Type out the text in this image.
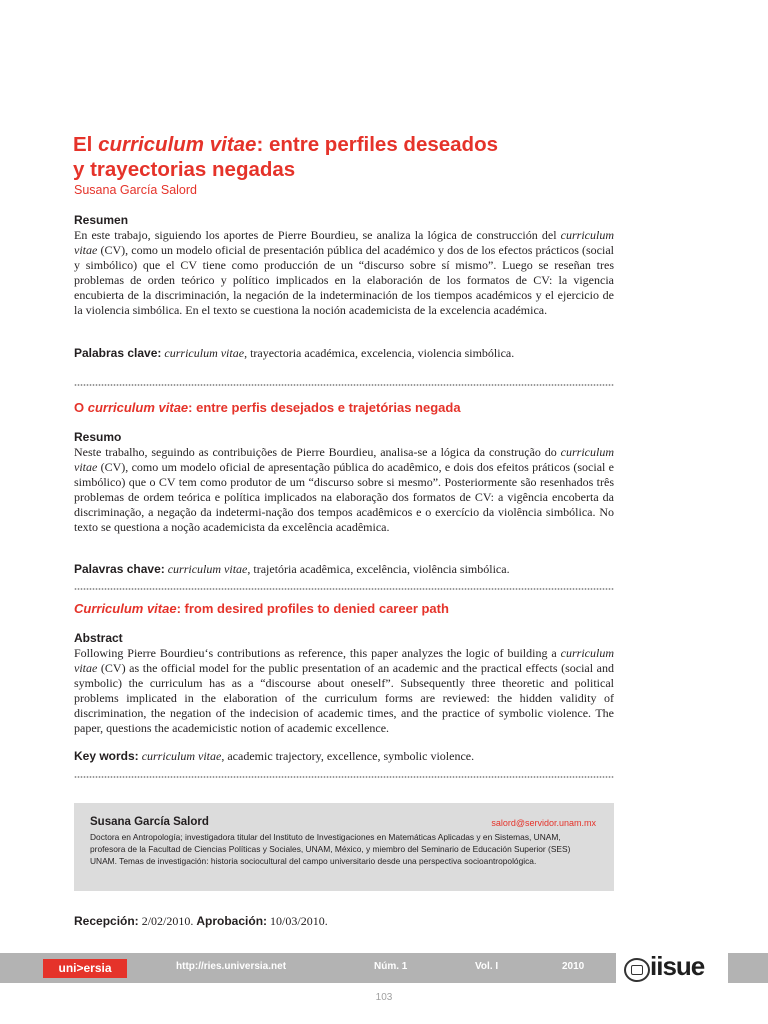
El curriculum vitae: entre perfiles deseados
y trayectorias negadas
Susana García Salord

Resumen

En este trabajo, siguiendo los aportes de Pierre Bourdieu, se analiza la lógica de construcción del curriculum vitae (CV), como un modelo oficial de presentación pública del académico y dos de los efectos prácticos (social y simbólico) que el CV tiene como producción de un “discurso sobre sí mismo”. Luego se reseñan tres problemas de orden teórico y político implicados en la elaboración de los formatos de CV: la vigencia encubierta de la discriminación, la negación de la indeterminación de los tiempos académicos y el ejercicio de la violencia simbólica. En el texto se cuestiona la noción academicista de la excelencia académica.

Palabras clave: curriculum vitae, trayectoria académica, excelencia, violencia simbólica.

O curriculum vitae: entre perfis desejados e trajetórias negada

Resumo

Neste trabalho, seguindo as contribuições de Pierre Bourdieu, analisa-se a lógica da construção do curriculum vitae (CV), como um modelo oficial de apresentação pública do acadêmico, e dois dos efeitos práticos (social e simbólico) que o CV tem como produtor de um “discurso sobre si mesmo”. Posteriormente são resenhados três problemas de ordem teórica e política implicados na elaboração dos formatos de CV: a vigência encoberta da discriminação, a negação da indetermi-nação dos tempos acadêmicos e o exercício da violência simbólica. No texto se questiona a noção academicista da excelência acadêmica.

Palavras chave: curriculum vitae, trajetória acadêmica, excelência, violência simbólica.

Curriculum vitae: from desired profiles to denied career path

Abstract

Following Pierre Bourdieu‘s contributions as reference, this paper analyzes the logic of building a curriculum vitae (CV) as the official model for the public presentation of an academic and the practical effects (social and symbolic) the curriculum has as a “discourse about oneself”. Subsequently three theoretic and political problems implicated in the elaboration of the curriculum forms are reviewed: the hidden validity of discrimination, the negation of the indecision of academic times, and the practice of symbolic violence. The paper, questions the academicistic notion of academic excellence.

Key words: curriculum vitae, academic trajectory, excellence, symbolic violence.

Susana García Salord	salord@servidor.unam.mx
Doctora en Antropología; investigadora titular del Instituto de Investigaciones en Matemáticas Aplicadas y en Sistemas, UNAM, profesora de la Facultad de Ciencias Políticas y Sociales, UNAM, México, y miembro del Seminario de Educación Superior (SES) UNAM. Temas de investigación: historia sociocultural del campo universitario desde una perspectiva socioantropológica.
Recepción: 2/02/2010. Aprobación: 10/03/2010.
uni>ersia	http://ries.universia.net	Núm. 1	Vol. I	2010	iisue
103
